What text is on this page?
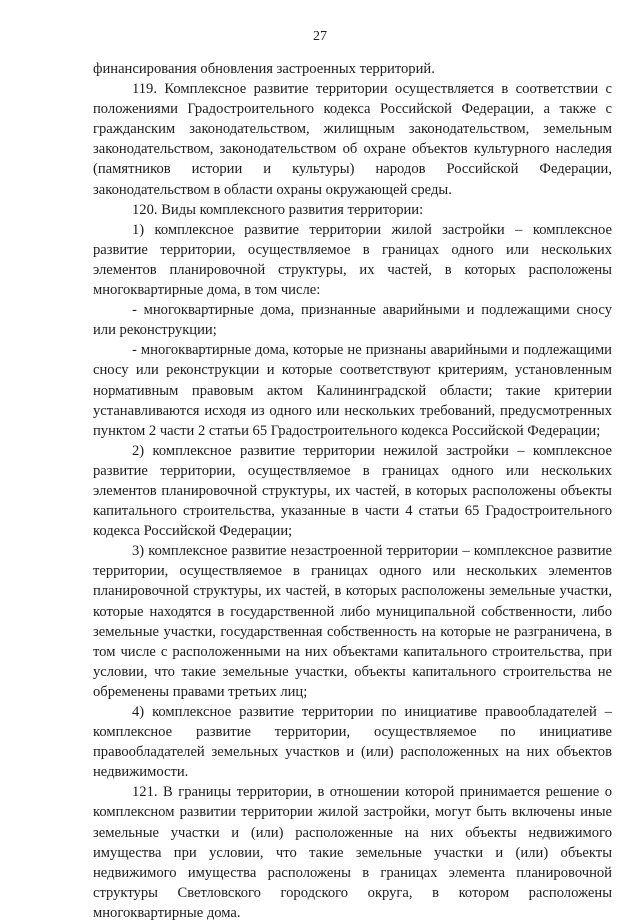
27

финансирования обновления застроенных территорий.

119. Комплексное развитие территории осуществляется в соответствии с положениями Градостроительного кодекса Российской Федерации, а также с гражданским законодательством, жилищным законодательством, земельным законодательством, законодательством об охране объектов культурного наследия (памятников истории и культуры) народов Российской Федерации, законодательством в области охраны окружающей среды.

120. Виды комплексного развития территории:

1) комплексное развитие территории жилой застройки – комплексное развитие территории, осуществляемое в границах одного или нескольких элементов планировочной структуры, их частей, в которых расположены многоквартирные дома, в том числе:

- многоквартирные дома, признанные аварийными и подлежащими сносу или реконструкции;

- многоквартирные дома, которые не признаны аварийными и подлежащими сносу или реконструкции и которые соответствуют критериям, установленным нормативным правовым актом Калининградской области; такие критерии устанавливаются исходя из одного или нескольких требований, предусмотренных пунктом 2 части 2 статьи 65 Градостроительного кодекса Российской Федерации;

2) комплексное развитие территории нежилой застройки – комплексное развитие территории, осуществляемое в границах одного или нескольких элементов планировочной структуры, их частей, в которых расположены объекты капитального строительства, указанные в части 4 статьи 65 Градостроительного кодекса Российской Федерации;

3) комплексное развитие незастроенной территории – комплексное развитие территории, осуществляемое в границах одного или нескольких элементов планировочной структуры, их частей, в которых расположены земельные участки, которые находятся в государственной либо муниципальной собственности, либо земельные участки, государственная собственность на которые не разграничена, в том числе с расположенными на них объектами капитального строительства, при условии, что такие земельные участки, объекты капитального строительства не обременены правами третьих лиц;

4) комплексное развитие территории по инициативе правообладателей – комплексное развитие территории, осуществляемое по инициативе правообладателей земельных участков и (или) расположенных на них объектов недвижимости.

121. В границы территории, в отношении которой принимается решение о комплексном развитии территории жилой застройки, могут быть включены иные земельные участки и (или) расположенные на них объекты недвижимого имущества при условии, что такие земельные участки и (или) объекты недвижимого имущества расположены в границах элемента планировочной структуры Светловского городского округа, в котором расположены многоквартирные дома.
